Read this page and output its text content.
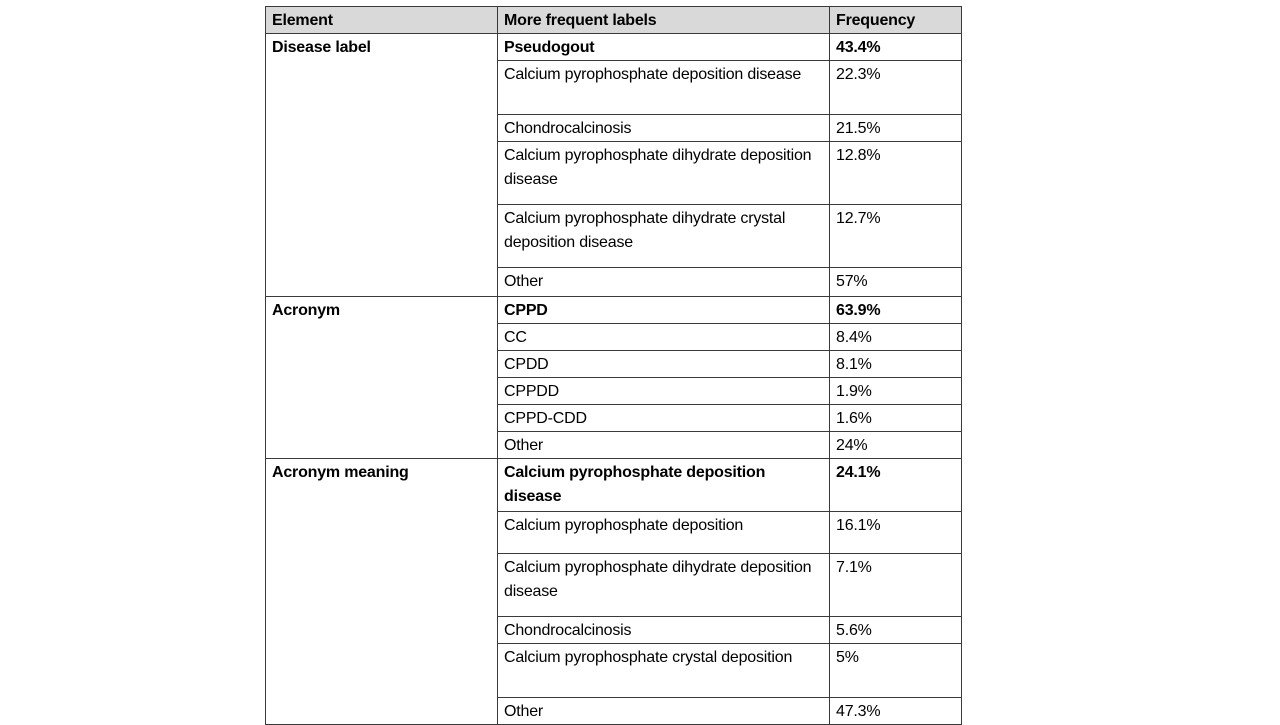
Element	More frequent labels	Frequency
Disease label	Pseudogout	43.4%
	Calcium pyrophosphate deposition disease	22.3%
	Chondrocalcinosis	21.5%
	Calcium pyrophosphate dihydrate deposition disease	12.8%
	Calcium pyrophosphate dihydrate crystal deposition disease	12.7%
	Other	57%
Acronym	CPPD	63.9%
	CC	8.4%
	CPDD	8.1%
	CPPDD	1.9%
	CPPD-CDD	1.6%
	Other	24%
Acronym meaning	Calcium pyrophosphate deposition disease	24.1%
	Calcium pyrophosphate deposition	16.1%
	Calcium pyrophosphate dihydrate deposition disease	7.1%
	Chondrocalcinosis	5.6%
	Calcium pyrophosphate crystal deposition	5%
	Other	47.3%
